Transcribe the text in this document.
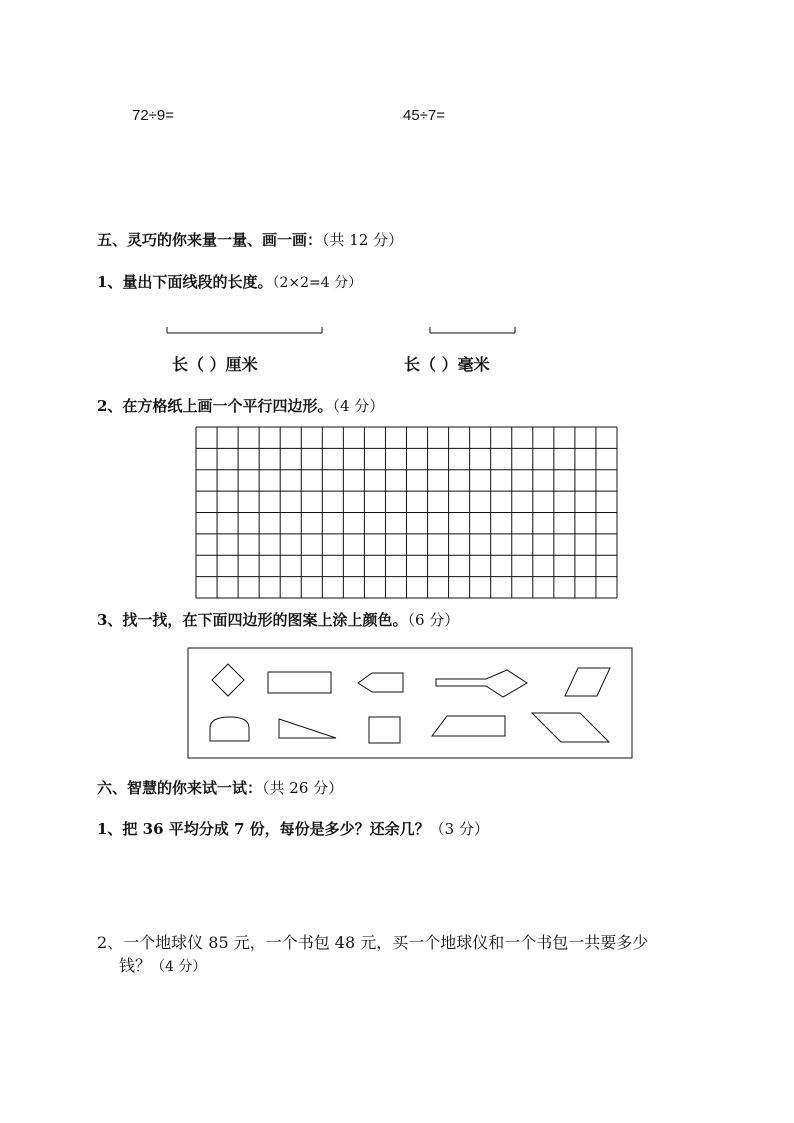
72÷9=	45÷7=
五、灵巧的你来量一量、画一画：（共 12 分）
1、量出下面线段的长度。（2×2=4 分）
长（ ）厘米	长（ ）毫米
2、在方格纸上画一个平行四边形。（4 分）
3、找一找，在下面四边形的图案上涂上颜色。（6 分）
六、智慧的你来试一试：（共 26 分）
1、把 36 平均分成 7 份，每份是多少？还余几？（3 分）
2、一个地球仪 85 元，一个书包 48 元，买一个地球仪和一个书包一共要多少
钱？（4 分）
